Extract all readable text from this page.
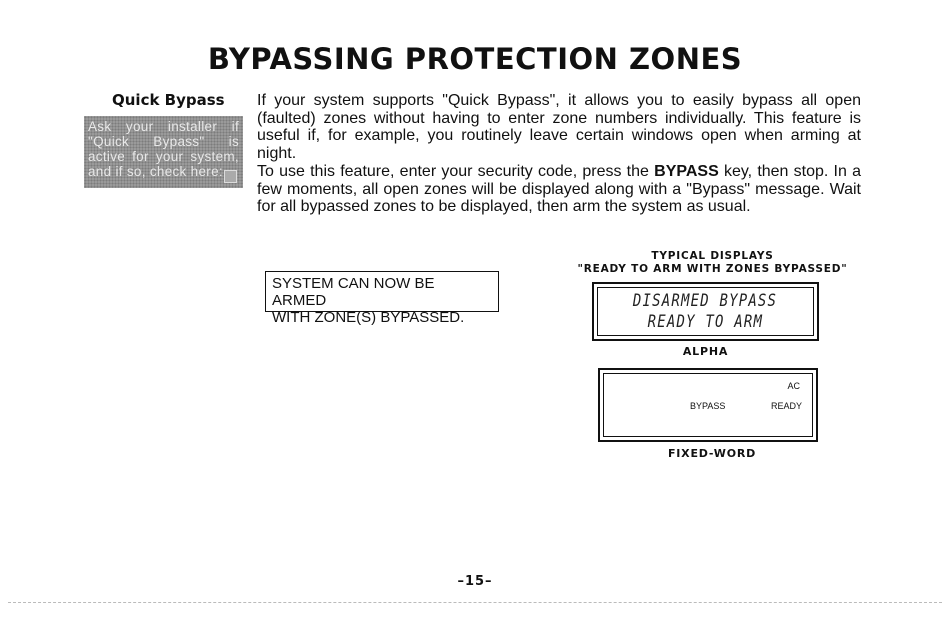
BYPASSING PROTECTION ZONES
Quick Bypass
Ask your installer if "Quick Bypass" is active for your system, and if so, check here:

If your system supports "Quick Bypass", it allows you to easily bypass all open (faulted) zones without having to enter zone numbers individually. This feature is useful if, for example, you routinely leave certain windows open when arming at night.

To use this feature, enter your security code, press the BYPASS key, then stop. In a few moments, all open zones will be displayed along with a "Bypass" message. Wait for all bypassed zones to be displayed, then arm the system as usual.

SYSTEM CAN NOW BE ARMED
WITH ZONE(S) BYPASSED.
TYPICAL DISPLAYS
"READY TO ARM WITH ZONES BYPASSED"
DISARMED BYPASS
READY TO ARM
ALPHA
AC
BYPASS	READY
FIXED-WORD
–15–
